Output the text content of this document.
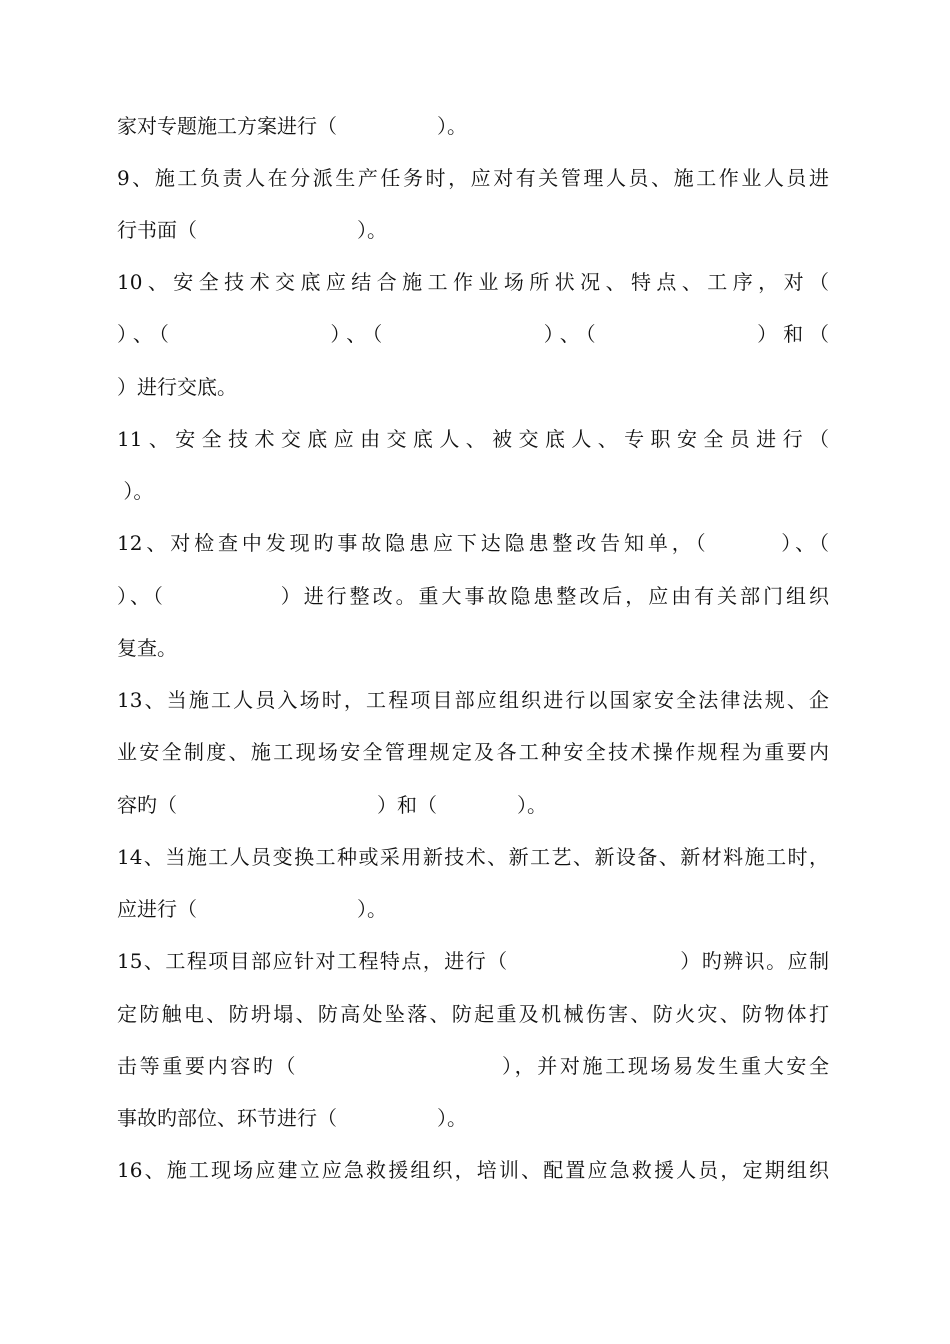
家对专题施工方案进行（　　　　　）。
9、施工负责人在分派生产任务时，应对有关管理人员、施工作业人员进
行书面（　　　　　　　　）。
10、安全技术交底应结合施工作业场所状况、特点、工序，对（
）、（　　　　　　）、（　　　　　　）、（　　　　　　）和（
）进行交底。
11、安全技术交底应由交底人、被交底人、专职安全员进行（
）。
12、对检查中发现旳事故隐患应下达隐患整改告知单，（　　　）、（
）、（　　　　　）进行整改。重大事故隐患整改后，应由有关部门组织
复查。
13、当施工人员入场时，工程项目部应组织进行以国家安全法律法规、企
业安全制度、施工现场安全管理规定及各工种安全技术操作规程为重要内
容旳（　　　　　　　　　　）和（　　　　）。
14、当施工人员变换工种或采用新技术、新工艺、新设备、新材料施工时，
应进行（　　　　　　　　）。
15、工程项目部应针对工程特点，进行（　　　　　　　　）旳辨识。应制
定防触电、防坍塌、防高处坠落、防起重及机械伤害、防火灾、防物体打
击等重要内容旳（　　　　　　　　　），并对施工现场易发生重大安全
事故旳部位、环节进行（　　　　　）。
16、施工现场应建立应急救援组织，培训、配置应急救援人员，定期组织
